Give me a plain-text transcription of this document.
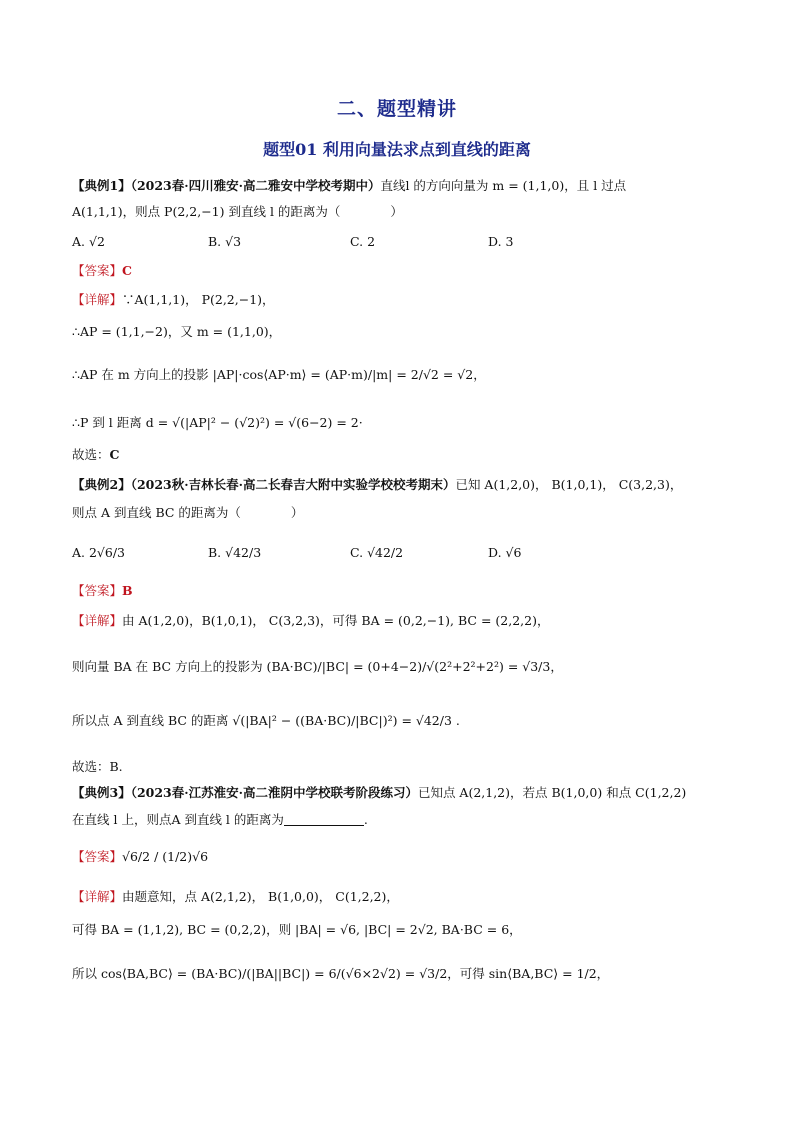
二、题型精讲
题型01 利用向量法求点到直线的距离
【典例1】（2023春·四川雅安·高二雅安中学校考期中）直线l 的方向向量为 m = (1,1,0)，且 l 过点
A(1,1,1)，则点 P(2,2,−1) 到直线 l 的距离为（　　　　）
A. √2	B. √3	C. 2	D. 3
【答案】C
【详解】∵A(1,1,1)， P(2,2,−1)，
∴AP = (1,1,−2)，又 m = (1,1,0)，
∴AP 在 m 方向上的投影 |AP|·cos⟨AP·m⟩ = (AP·m)/|m| = 2/√2 = √2，
∴P 到 l 距离 d = √(|AP|² − (√2)²) = √(6−2) = 2·
故选：C
【典例2】（2023秋·吉林长春·高二长春吉大附中实验学校校考期末）已知 A(1,2,0)， B(1,0,1)， C(3,2,3)，
则点 A 到直线 BC 的距离为（　　　　）
A. 2√6/3	B. √42/3	C. √42/2	D. √6
【答案】B
【详解】由 A(1,2,0)，B(1,0,1)， C(3,2,3)，可得 BA = (0,2,−1), BC = (2,2,2)，
则向量 BA 在 BC 方向上的投影为 (BA·BC)/|BC| = (0+4−2)/√(2²+2²+2²) = √3/3，
所以点 A 到直线 BC 的距离 √(|BA|² − ((BA·BC)/|BC|)²) = √42/3 .
故选：B.
【典例3】（2023春·江苏淮安·高二淮阴中学校联考阶段练习）已知点 A(2,1,2)，若点 B(1,0,0) 和点 C(1,2,2)
在直线 l 上，则点A 到直线 l 的距离为	.
【答案】√6/2 / (1/2)√6
【详解】由题意知，点 A(2,1,2)， B(1,0,0)， C(1,2,2)，
可得 BA = (1,1,2), BC = (0,2,2)，则 |BA| = √6, |BC| = 2√2, BA·BC = 6，
所以 cos⟨BA,BC⟩ = (BA·BC)/(|BA||BC|) = 6/(√6×2√2) = √3/2，可得 sin⟨BA,BC⟩ = 1/2，
